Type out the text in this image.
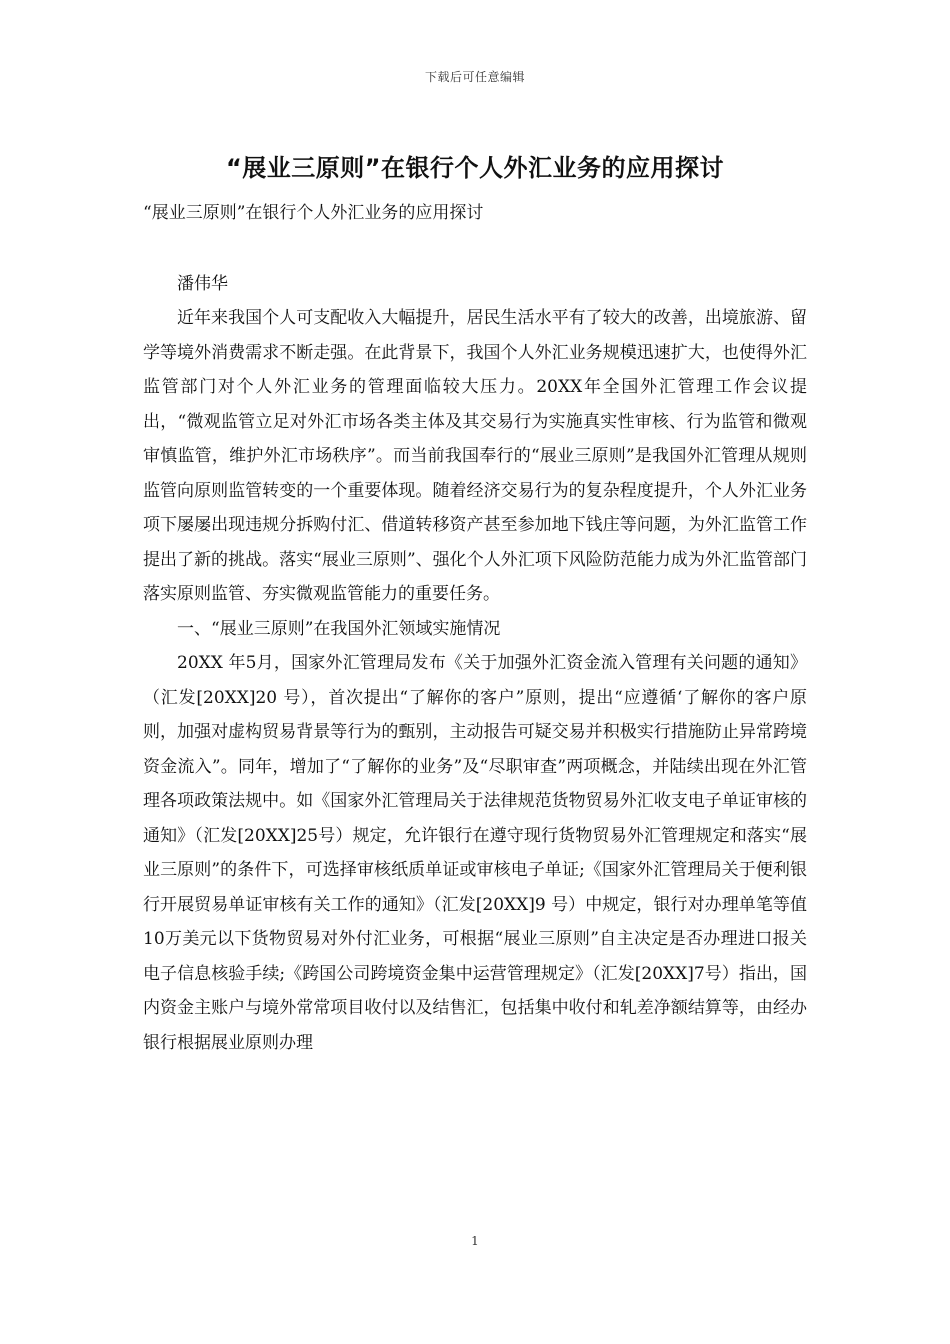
下载后可任意编辑
“展业三原则”在银行个人外汇业务的应用探讨

“展业三原则”在银行个人外汇业务的应用探讨

潘伟华

近年来我国个人可支配收入大幅提升，居民生活水平有了较大的改善，出境旅游、留学等境外消费需求不断走强。在此背景下，我国个人外汇业务规模迅速扩大，也使得外汇监管部门对个人外汇业务的管理面临较大压力。20XX年全国外汇管理工作会议提出，“微观监管立足对外汇市场各类主体及其交易行为实施真实性审核、行为监管和微观审慎监管，维护外汇市场秩序”。而当前我国奉行的“展业三原则”是我国外汇管理从规则监管向原则监管转变的一个重要体现。随着经济交易行为的复杂程度提升，个人外汇业务项下屡屡出现违规分拆购付汇、借道转移资产甚至参加地下钱庄等问题，为外汇监管工作提出了新的挑战。落实“展业三原则”、强化个人外汇项下风险防范能力成为外汇监管部门落实原则监管、夯实微观监管能力的重要任务。

一、“展业三原则”在我国外汇领域实施情况

20XX 年5月，国家外汇管理局发布《关于加强外汇资金流入管理有关问题的通知》（汇发[20XX]20 号），首次提出“了解你的客户”原则，提出“应遵循‘了解你的客户原则，加强对虚构贸易背景等行为的甄别，主动报告可疑交易并积极实行措施防止异常跨境资金流入”。同年，增加了“了解你的业务”及“尽职审查”两项概念，并陆续出现在外汇管理各项政策法规中。如《国家外汇管理局关于法律规范货物贸易外汇收支电子单证审核的通知》（汇发[20XX]25号）规定，允许银行在遵守现行货物贸易外汇管理规定和落实“展业三原则”的条件下，可选择审核纸质单证或审核电子单证;《国家外汇管理局关于便利银行开展贸易单证审核有关工作的通知》（汇发[20XX]9 号）中规定，银行对办理单笔等值10万美元以下货物贸易对外付汇业务，可根据“展业三原则”自主决定是否办理进口报关电子信息核验手续;《跨国公司跨境资金集中运营管理规定》（汇发[20XX]7号）指出，国内资金主账户与境外常常项目收付以及结售汇，包括集中收付和轧差净额结算等，由经办银行根据展业原则办理

1
